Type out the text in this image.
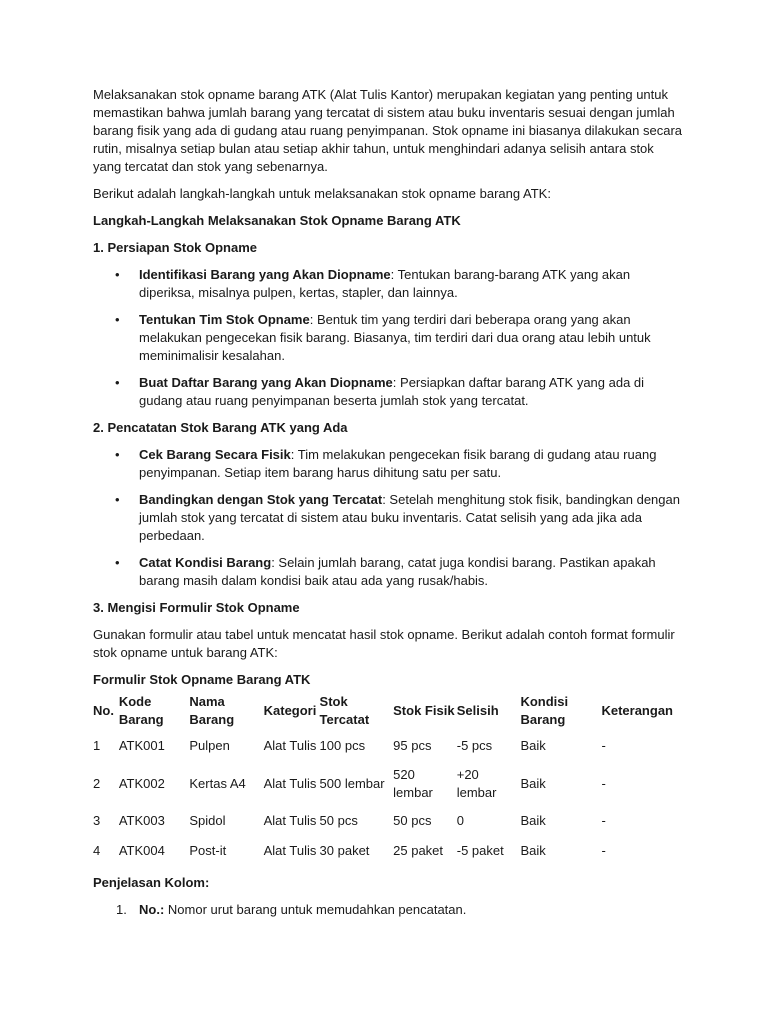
Melaksanakan stok opname barang ATK (Alat Tulis Kantor) merupakan kegiatan yang penting untuk memastikan bahwa jumlah barang yang tercatat di sistem atau buku inventaris sesuai dengan jumlah barang fisik yang ada di gudang atau ruang penyimpanan. Stok opname ini biasanya dilakukan secara rutin, misalnya setiap bulan atau setiap akhir tahun, untuk menghindari adanya selisih antara stok yang tercatat dan stok yang sebenarnya.

Berikut adalah langkah-langkah untuk melaksanakan stok opname barang ATK:

Langkah-Langkah Melaksanakan Stok Opname Barang ATK

1. Persiapan Stok Opname

• Identifikasi Barang yang Akan Diopname: Tentukan barang-barang ATK yang akan diperiksa, misalnya pulpen, kertas, stapler, dan lainnya.
• Tentukan Tim Stok Opname: Bentuk tim yang terdiri dari beberapa orang yang akan melakukan pengecekan fisik barang. Biasanya, tim terdiri dari dua orang atau lebih untuk meminimalisir kesalahan.
• Buat Daftar Barang yang Akan Diopname: Persiapkan daftar barang ATK yang ada di gudang atau ruang penyimpanan beserta jumlah stok yang tercatat.

2. Pencatatan Stok Barang ATK yang Ada

• Cek Barang Secara Fisik: Tim melakukan pengecekan fisik barang di gudang atau ruang penyimpanan. Setiap item barang harus dihitung satu per satu.
• Bandingkan dengan Stok yang Tercatat: Setelah menghitung stok fisik, bandingkan dengan jumlah stok yang tercatat di sistem atau buku inventaris. Catat selisih yang ada jika ada perbedaan.
• Catat Kondisi Barang: Selain jumlah barang, catat juga kondisi barang. Pastikan apakah barang masih dalam kondisi baik atau ada yang rusak/habis.

3. Mengisi Formulir Stok Opname

Gunakan formulir atau tabel untuk mencatat hasil stok opname. Berikut adalah contoh format formulir stok opname untuk barang ATK:

Formulir Stok Opname Barang ATK

No.	Kode Barang	Nama Barang	Kategori	Stok Tercatat	Stok Fisik	Selisih	Kondisi Barang	Keterangan
1	ATK001	Pulpen	Alat Tulis	100 pcs	95 pcs	-5 pcs	Baik	-
2	ATK002	Kertas A4	Alat Tulis	500 lembar	520 lembar	+20 lembar	Baik	-
3	ATK003	Spidol	Alat Tulis	50 pcs	50 pcs	0	Baik	-
4	ATK004	Post-it	Alat Tulis	30 paket	25 paket	-5 paket	Baik	-

Penjelasan Kolom:

1. No.: Nomor urut barang untuk memudahkan pencatatan.
